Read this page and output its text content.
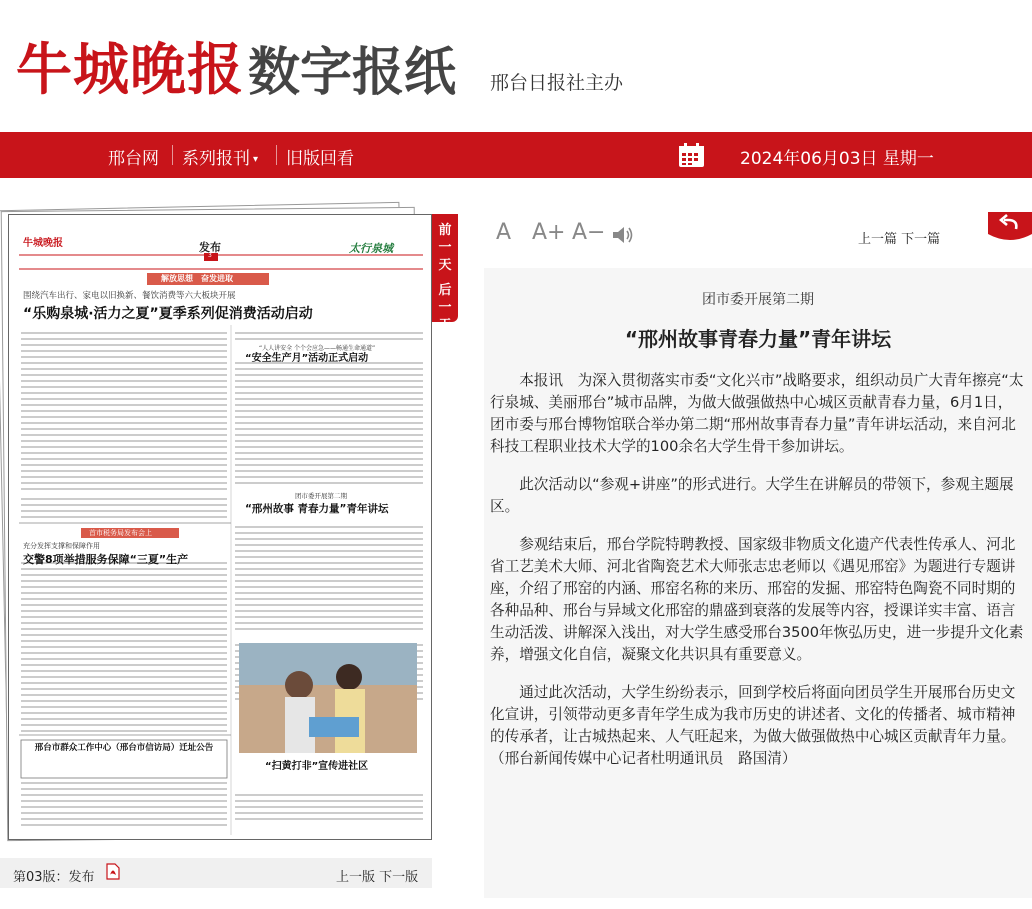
牛城晚报 数字报纸 邢台日报社主办
邢台网 系列报刊 ▾ 旧版回看	2024年06月03日 星期一
牛城晚报	发布
3
太行泉城
解放思想　奋发进取
围绕汽车出行、家电以旧换新、餐饮消费等六大板块开展
“乐购泉城·活力之夏”夏季系列促消费活动启动
“人人讲安全 个个会应急——畅通生命通道”
“安全生产月”活动正式启动
团市委开展第二期
“邢州故事 青春力量”青年讲坛
首市税务局发布会上
充分发挥支撑和保障作用
交警8项举措服务保障“三夏”生产
“扫黄打非”宣传进社区
邢台市群众工作中心（邢台市信访局）迁址公告
第03版：发布	上一版 下一版
前
一
天
后
一
天
A A+ A−	上一篇 下一篇
团市委开展第二期
“邢州故事青春力量”青年讲坛

本报讯　为深入贯彻落实市委“文化兴市”战略要求，组织动员广大青年擦亮“太行泉城、美丽邢台”城市品牌，为做大做强做热中心城区贡献青春力量，6月1日，团市委与邢台博物馆联合举办第二期“邢州故事青春力量”青年讲坛活动，来自河北科技工程职业技术大学的100余名大学生骨干参加讲坛。

此次活动以“参观+讲座”的形式进行。大学生在讲解员的带领下，参观主题展区。

参观结束后，邢台学院特聘教授、国家级非物质文化遗产代表性传承人、河北省工艺美术大师、河北省陶瓷艺术大师张志忠老师以《遇见邢窑》为题进行专题讲座，介绍了邢窑的内涵、邢窑名称的来历、邢窑的发掘、邢窑特色陶瓷不同时期的各种品种、邢台与异域文化邢窑的鼎盛到衰落的发展等内容，授课详实丰富、语言生动活泼、讲解深入浅出，对大学生感受邢台3500年恢弘历史，进一步提升文化素养，增强文化自信，凝聚文化共识具有重要意义。

通过此次活动，大学生纷纷表示，回到学校后将面向团员学生开展邢台历史文化宣讲，引领带动更多青年学生成为我市历史的讲述者、文化的传播者、城市精神的传承者，让古城热起来、人气旺起来，为做大做强做热中心城区贡献青年力量。（邢台新闻传媒中心记者杜明通讯员　路国清）
